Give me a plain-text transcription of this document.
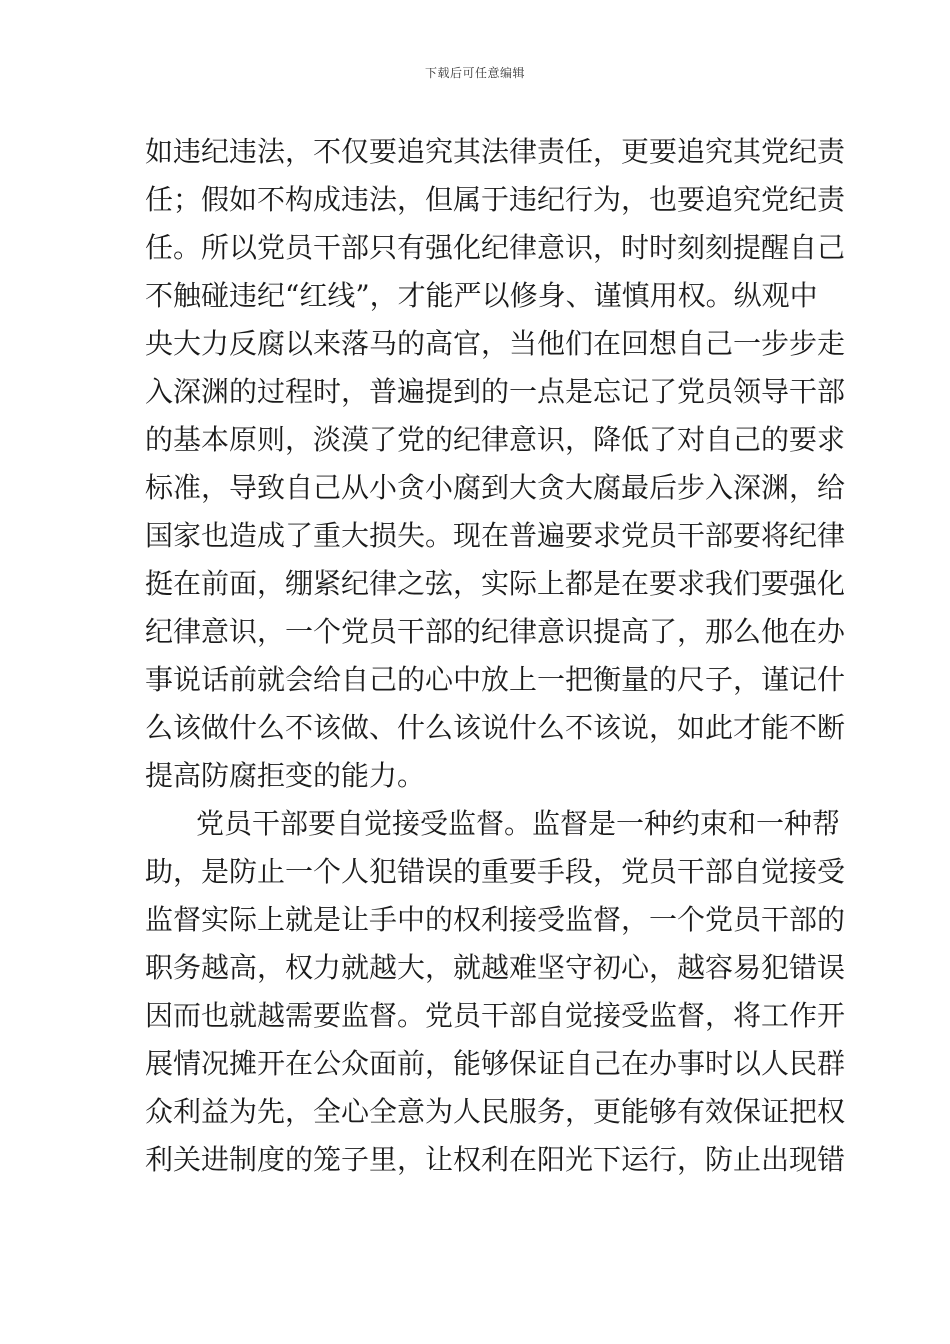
下载后可任意编辑
如违纪违法，不仅要追究其法律责任，更要追究其党纪责
任；假如不构成违法，但属于违纪行为，也要追究党纪责
任。所以党员干部只有强化纪律意识，时时刻刻提醒自己
不触碰违纪“红线”，才能严以修身、谨慎用权。纵观中
央大力反腐以来落马的高官，当他们在回想自己一步步走
入深渊的过程时，普遍提到的一点是忘记了党员领导干部
的基本原则，淡漠了党的纪律意识，降低了对自己的要求
标准，导致自己从小贪小腐到大贪大腐最后步入深渊，给
国家也造成了重大损失。现在普遍要求党员干部要将纪律
挺在前面，绷紧纪律之弦，实际上都是在要求我们要强化
纪律意识，一个党员干部的纪律意识提高了，那么他在办
事说话前就会给自己的心中放上一把衡量的尺子，谨记什
么该做什么不该做、什么该说什么不该说，如此才能不断
提高防腐拒变的能力。
党员干部要自觉接受监督。监督是一种约束和一种帮
助，是防止一个人犯错误的重要手段，党员干部自觉接受
监督实际上就是让手中的权利接受监督，一个党员干部的
职务越高，权力就越大，就越难坚守初心，越容易犯错误
因而也就越需要监督。党员干部自觉接受监督，将工作开
展情况摊开在公众面前，能够保证自己在办事时以人民群
众利益为先，全心全意为人民服务，更能够有效保证把权
利关进制度的笼子里，让权利在阳光下运行，防止出现错
